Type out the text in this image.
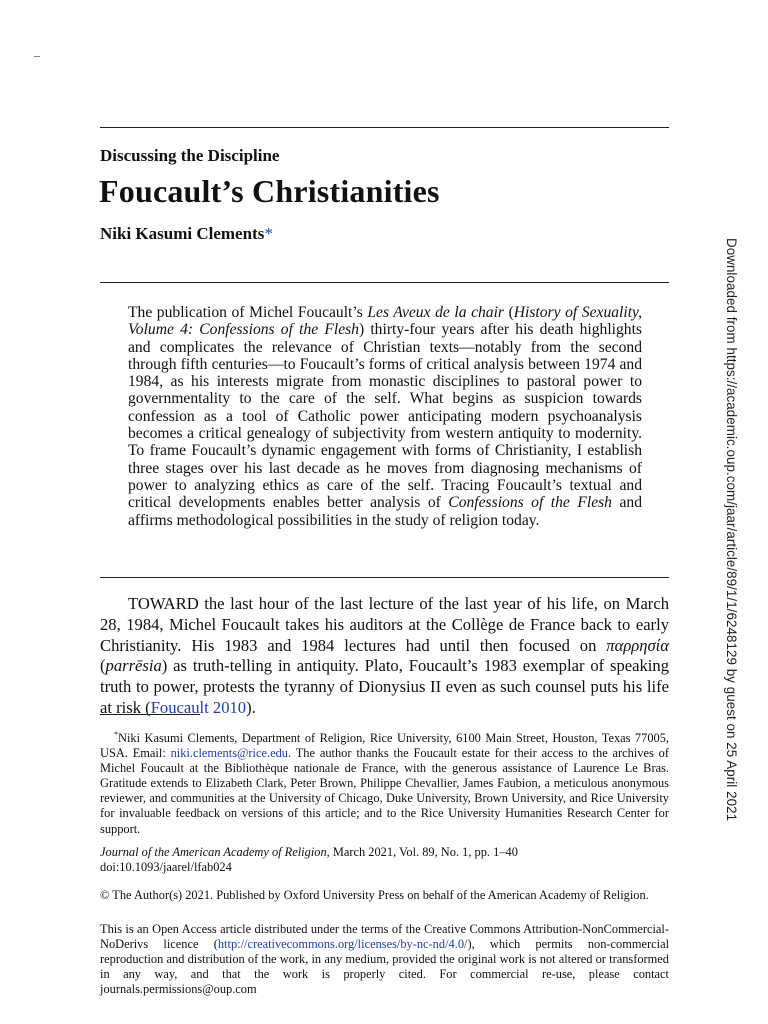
–
Discussing the Discipline
Foucault’s Christianities
Niki Kasumi Clements*
The publication of Michel Foucault’s Les Aveux de la chair (History of Sexuality, Volume 4: Confessions of the Flesh) thirty-four years after his death highlights and complicates the relevance of Christian texts—notably from the second through fifth centuries—to Foucault’s forms of critical analysis between 1974 and 1984, as his interests migrate from monastic disciplines to pastoral power to governmentality to the care of the self. What begins as suspicion towards confession as a tool of Catholic power anticipating modern psychoanalysis becomes a critical genealogy of subjectivity from western antiquity to modernity. To frame Foucault’s dynamic engagement with forms of Christianity, I establish three stages over his last decade as he moves from diagnosing mechanisms of power to analyzing ethics as care of the self. Tracing Foucault’s textual and critical developments enables better analysis of Confessions of the Flesh and affirms methodological possibilities in the study of religion today.
TOWARD the last hour of the last lecture of the last year of his life, on March 28, 1984, Michel Foucault takes his auditors at the Collège de France back to early Christianity. His 1983 and 1984 lectures had until then focused on παρρησία (parrēsia) as truth-telling in antiquity. Plato, Foucault’s 1983 exemplar of speaking truth to power, protests the tyranny of Dionysius II even as such counsel puts his life at risk (Foucault 2010).
*Niki Kasumi Clements, Department of Religion, Rice University, 6100 Main Street, Houston, Texas 77005, USA. Email: niki.clements@rice.edu. The author thanks the Foucault estate for their access to the archives of Michel Foucault at the Bibliothèque nationale de France, with the generous assistance of Laurence Le Bras. Gratitude extends to Elizabeth Clark, Peter Brown, Philippe Chevallier, James Faubion, a meticulous anonymous reviewer, and communities at the University of Chicago, Duke University, Brown University, and Rice University for invaluable feedback on versions of this article; and to the Rice University Humanities Research Center for support.
Journal of the American Academy of Religion, March 2021, Vol. 89, No. 1, pp. 1–40
doi:10.1093/jaarel/lfab024
© The Author(s) 2021. Published by Oxford University Press on behalf of the American Academy of Religion.
This is an Open Access article distributed under the terms of the Creative Commons Attribution-NonCommercial-NoDerivs licence (http://creativecommons.org/licenses/by-nc-nd/4.0/), which permits non-commercial reproduction and distribution of the work, in any medium, provided the original work is not altered or transformed in any way, and that the work is properly cited. For commercial re-use, please contact journals.permissions@oup.com
Downloaded from https://academic.oup.com/jaar/article/89/1/1/6248129 by guest on 25 April 2021
